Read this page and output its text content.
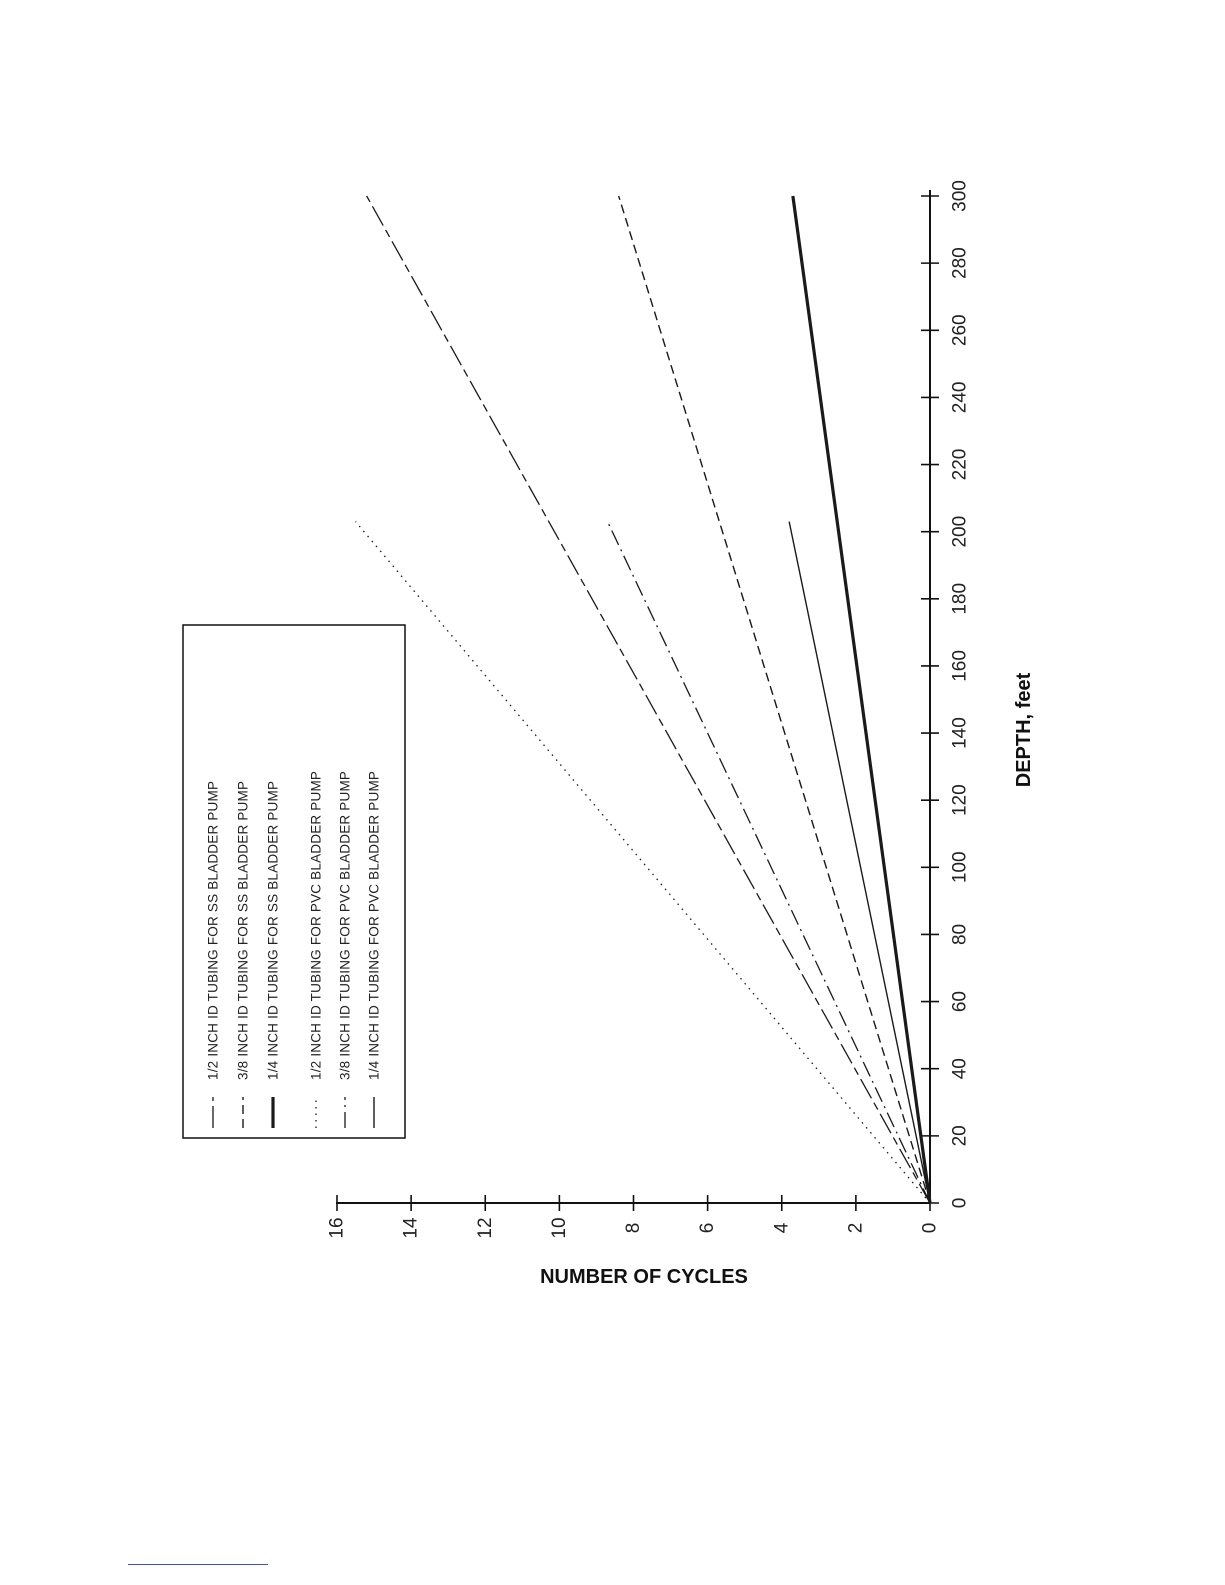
0
20
40
60
80
100
120
140
160
180
200
220
240
260
280
300
0
2
4
6
8
10
12
14
16
DEPTH, feet
NUMBER OF CYCLES
1/2 INCH ID TUBING FOR SS BLADDER PUMP 3/8 INCH ID TUBING FOR SS BLADDER PUMP 1/4 INCH ID TUBING FOR SS BLADDER PUMP 1/2 INCH ID TUBING FOR PVC BLADDER PUMP 3/8 INCH ID TUBING FOR PVC BLADDER PUMP 1/4 INCH ID TUBING FOR PVC BLADDER PUMP
